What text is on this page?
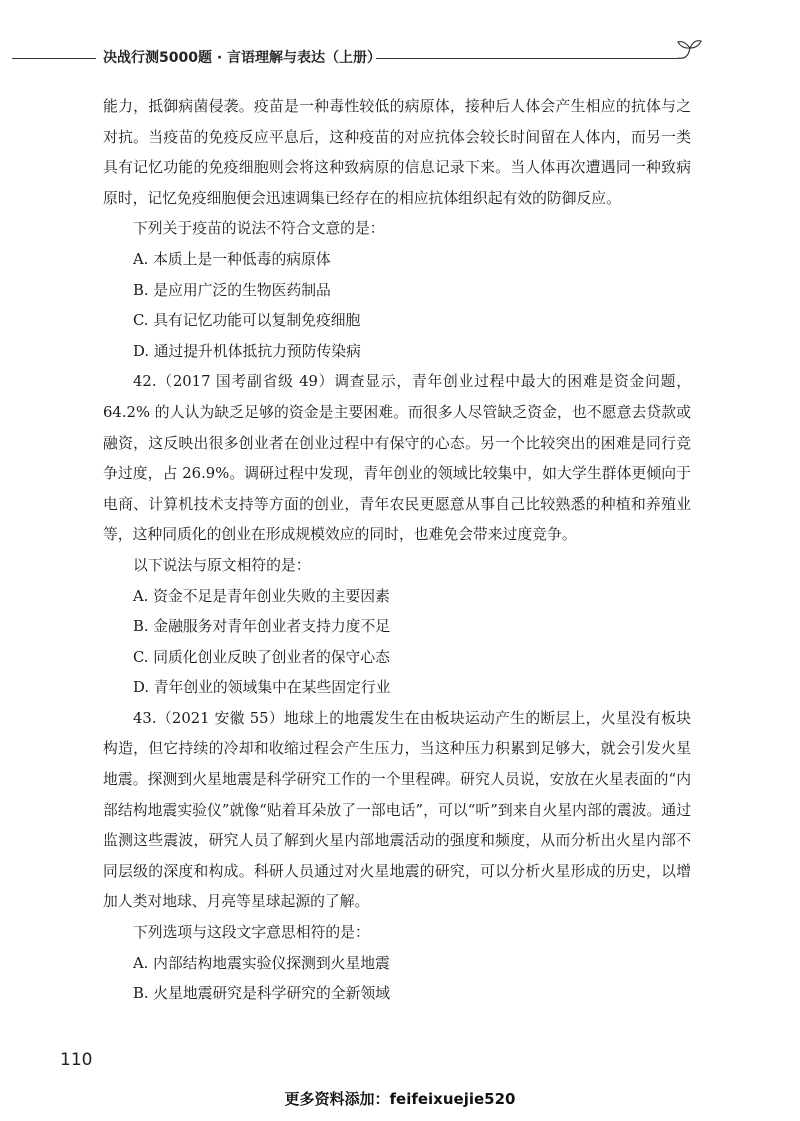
决战行测5000题 · 言语理解与表达（上册）

能力，抵御病菌侵袭。疫苗是一种毒性较低的病原体，接种后人体会产生相应的抗体与之对抗。当疫苗的免疫反应平息后，这种疫苗的对应抗体会较长时间留在人体内，而另一类具有记忆功能的免疫细胞则会将这种致病原的信息记录下来。当人体再次遭遇同一种致病原时，记忆免疫细胞便会迅速调集已经存在的相应抗体组织起有效的防御反应。

下列关于疫苗的说法不符合文意的是：

A. 本质上是一种低毒的病原体

B. 是应用广泛的生物医药制品

C. 具有记忆功能可以复制免疫细胞

D. 通过提升机体抵抗力预防传染病

42.（2017 国考副省级 49）调查显示，青年创业过程中最大的困难是资金问题，64.2% 的人认为缺乏足够的资金是主要困难。而很多人尽管缺乏资金，也不愿意去贷款或融资，这反映出很多创业者在创业过程中有保守的心态。另一个比较突出的困难是同行竞争过度，占 26.9%。调研过程中发现，青年创业的领域比较集中，如大学生群体更倾向于电商、计算机技术支持等方面的创业，青年农民更愿意从事自己比较熟悉的种植和养殖业等，这种同质化的创业在形成规模效应的同时，也难免会带来过度竞争。

以下说法与原文相符的是：

A. 资金不足是青年创业失败的主要因素

B. 金融服务对青年创业者支持力度不足

C. 同质化创业反映了创业者的保守心态

D. 青年创业的领域集中在某些固定行业

43.（2021 安徽 55）地球上的地震发生在由板块运动产生的断层上，火星没有板块构造，但它持续的冷却和收缩过程会产生压力，当这种压力积累到足够大，就会引发火星地震。探测到火星地震是科学研究工作的一个里程碑。研究人员说，安放在火星表面的“内部结构地震实验仪”就像“贴着耳朵放了一部电话”，可以“听”到来自火星内部的震波。通过监测这些震波，研究人员了解到火星内部地震活动的强度和频度，从而分析出火星内部不同层级的深度和构成。科研人员通过对火星地震的研究，可以分析火星形成的历史，以增加人类对地球、月亮等星球起源的了解。

下列选项与这段文字意思相符的是：

A. 内部结构地震实验仪探测到火星地震

B. 火星地震研究是科学研究的全新领域

110
更多资料添加：feifeixuejie520
